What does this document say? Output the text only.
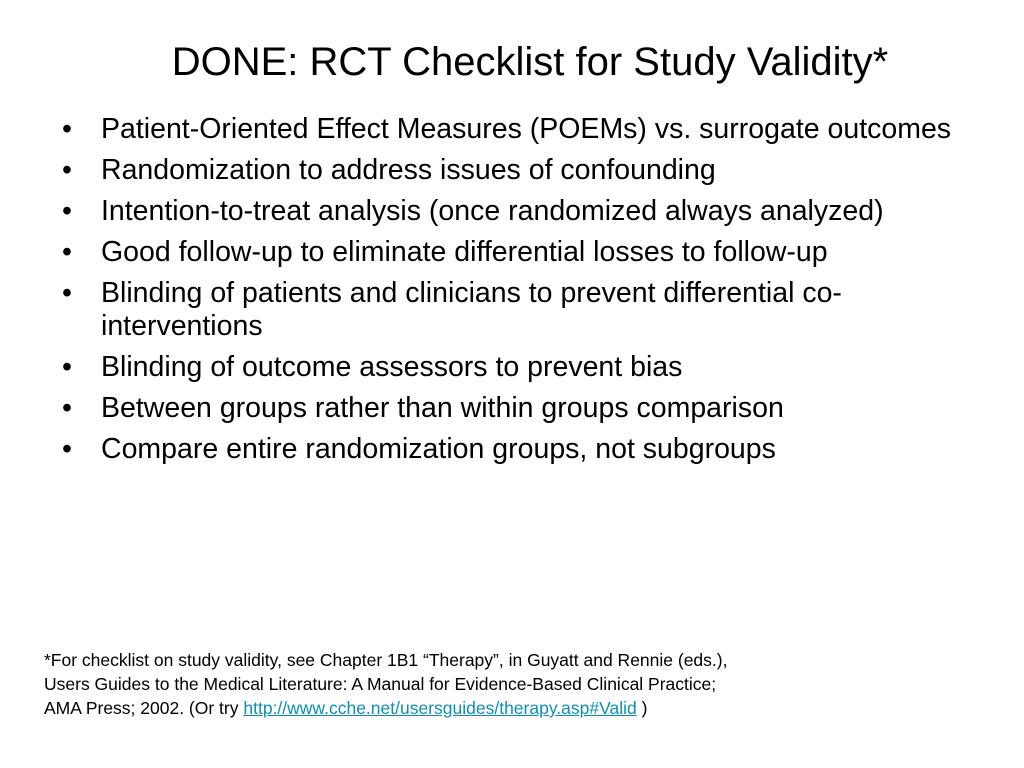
DONE: RCT Checklist for Study Validity*
• Patient-Oriented Effect Measures (POEMs) vs. surrogate outcomes
• Randomization to address issues of confounding
• Intention-to-treat analysis (once randomized always analyzed)
• Good follow-up to eliminate differential losses to follow-up
• Blinding of patients and clinicians to prevent differential co-interventions
• Blinding of outcome assessors to prevent bias
• Between groups rather than within groups comparison
• Compare entire randomization groups, not subgroups

*For checklist on study validity, see Chapter 1B1 “Therapy”, in Guyatt and Rennie (eds.),
Users Guides to the Medical Literature: A Manual for Evidence-Based Clinical Practice;
AMA Press; 2002. (Or try http://www.cche.net/usersguides/therapy.asp#Valid )
